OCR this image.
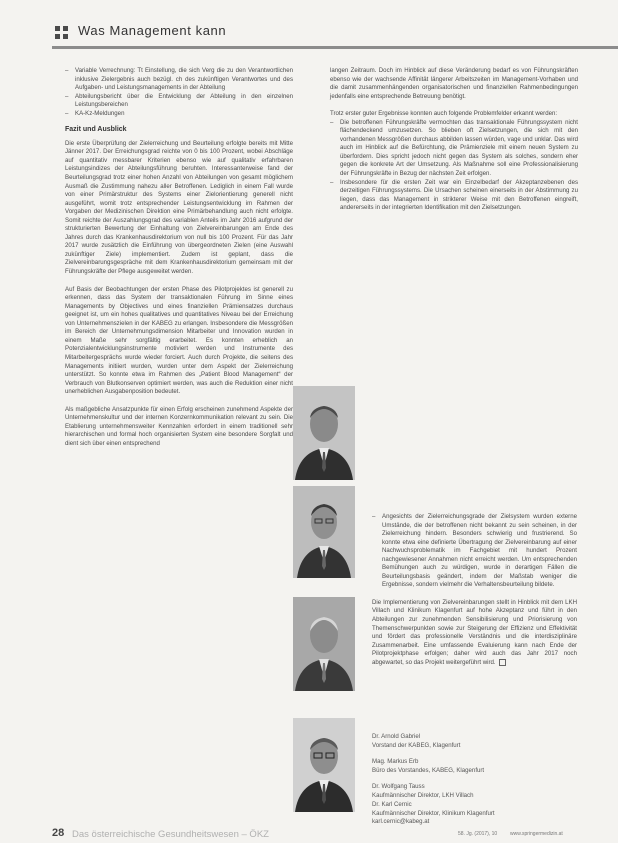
Was Management kann
– Variable Verrechnung: Tt Einstellung, die sich Verg die zu den Verantwortlichen inklusive Zielergebnis auch bezügl. ch des zukünftigen Verantwortes und des Aufgaben- und Leistungsmanagements in der Abteilung
– Abteilungsbericht über die Entwicklung der Abteilung in den einzelnen Leistungsbereichen
– KA-Kz-Meldungen

Fazit und Ausblick

Die erste Überprüfung der Zielerreichung und Beurteilung erfolgte bereits mit Mitte Jänner 2017. Der Erreichungsgrad reichte von 0 bis 100 Prozent, wobei Abschläge auf quantitativ messbarer Kriterien ebenso wie auf qualitativ erfahrbaren Leistungsindizes der Abteilungsführung beruhten. Interessanterweise fand der Beurteilungsgrad trotz einer hohen Anzahl von Abteilungen von gesamt möglichem Ausmaß die Zustimmung nahezu aller Betroffenen. Lediglich in einem Fall wurde von einer Primärstruktur des Systems einer Zielorientierung generell nicht ausgeführt, womit trotz entsprechender Leistungsentwicklung im Rahmen der Vorgaben der Medizinischen Direktion eine Primärbehandlung auch nicht erfolgte. Somit reichte der Auszahlungsgrad des variablen Anteils im Jahr 2016 aufgrund der strukturierten Bewertung der Einhaltung von Zielvereinbarungen am Ende des Jahres durch das Krankenhausdirektorium von null bis 100 Prozent. Für das Jahr 2017 wurde zusätzlich die Einführung von übergeordneten Zielen (eine Auswahl zukünftiger Ziele) implementiert. Zudem ist geplant, dass die Zielvereinbarungsgespräche mit dem Krankenhausdirektorium gemeinsam mit der Führungskräfte der Pflege ausgeweitet werden.

Auf Basis der Beobachtungen der ersten Phase des Pilotprojektes ist generell zu erkennen, dass das System der transaktionalen Führung im Sinne eines Managements by Objectives und eines finanziellen Prämiensatzes durchaus geeignet ist, um ein hohes qualitatives und quantitatives Niveau bei der Erreichung von Unternehmenszielen in der KABEG zu erlangen. Insbesondere die Messgrößen im Bereich der Unternehmungsdimension Mitarbeiter und Innovation wurden in einem Maße sehr sorgfältig erarbeitet. Es konnten erheblich an Potenzialentwicklungsinstrumente motiviert werden und Instrumente des Mitarbeitergesprächs wurde wieder forciert. Auch durch Projekte, die seitens des Managements initiiert wurden, wurden unter dem Aspekt der Zielerreichung unterstützt. So konnte etwa im Rahmen des „Patient Blood Management“ der Verbrauch von Blutkonserven optimiert werden, was auch die Reduktion einer nicht unerheblichen Ausgabenposition bedeutet.

Als maßgebliche Ansatzpunkte für einen Erfolg erscheinen zunehmend Aspekte der Unternehmenskultur und der internen Konzernkommunikation relevant zu sein. Die Etablierung unternehmensweiter Kennzahlen erfordert in einem traditionell sehr hierarchischen und formal hoch organisierten System eine besondere Sorgfalt und dient sich über einen entsprechend

langen Zeitraum. Doch im Hinblick auf diese Veränderung bedarf es von Führungskräften ebenso wie der wachsende Affinität längerer Arbeitszeiten im Management-Vorhaben und die damit zusammenhängenden organisatorischen und finanziellen Rahmenbedingungen jedenfalls eine entsprechende Betreuung benötigt.

Trotz erster guter Ergebnisse konnten auch folgende Problemfelder erkannt werden:

– Die betroffenen Führungskräfte vermochten das transaktionale Führungssystem nicht flächendeckend umzusetzen. So blieben oft Zielsetzungen, die sich mit den vorhandenen Messgrößen durchaus abbilden lassen würden, vage und unklar. Das wird auch im Hinblick auf die Befürchtung, die Prämienziele mit einem neuen System zu überfordern. Dies spricht jedoch nicht gegen das System als solches, sondern eher gegen die konkrete Art der Umsetzung. Als Maßnahme soll eine Professionalisierung der Führungskräfte in Bezug der nächsten Zeit erfolgen.
– Insbesondere für die ersten Zeit war ein Einzelbedarf der Akzeptanzebenen des derzeitigen Führungssystems. Die Ursachen scheinen einerseits in der Abstimmung zu liegen, dass das Management in strikterer Weise mit den Betroffenen eingreift, andererseits in der integrierten Identifikation mit den Zielsetzungen.
– Angesichts der Zielerreichungsgrade der Zielsystem wurden externe Umstände, die der betroffenen nicht bekannt zu sein scheinen, in der Zielerreichung hindern. Besonders schwierig und frustrierend. So konnte etwa eine definierte Übertragung der Zielvereinbarung auf einer Nachwuchsproblematik im Fachgebiet mit hundert Prozent nachgewiesener Annahmen nicht erreicht werden. Um entsprechenden Bemühungen auch zu würdigen, wurde in derartigen Fällen die Beurteilungsbasis geändert, indem der Maßstab weniger die Ergebnisse, sondern vielmehr die Verhaltensbeurteilung bildete.

Die Implementierung von Zielvereinbarungen stellt in Hinblick mit dem LKH Villach und Klinikum Klagenfurt auf hohe Akzeptanz und führt in den Abteilungen zur zunehmenden Sensibilisierung und Priorisierung von Themenschwerpunkten sowie zur Steigerung der Effizienz und Effektivität und fördert das professionelle Verständnis und die interdisziplinäre Zusammenarbeit. Eine umfassende Evaluierung kann nach Ende der Pilotprojektphase erfolgen; daher wird auch das Jahr 2017 noch abgewartet, so das Projekt weitergeführt wird.

Dr. Arnold Gabriel
Vorstand der KABEG, Klagenfurt
Mag. Markus Erb
Büro des Vorstandes, KABEG, Klagenfurt
Dr. Wolfgang Tauss
Kaufmännischer Direktor, LKH Villach
Dr. Karl Cernic
Kaufmännischer Direktor, Klinikum Klagenfurt
karl.cernic@kabeg.at
28 Das österreichische Gesundheitswesen – ÖKZ	58. Jg. (2017), 10	www.springermedizin.at
